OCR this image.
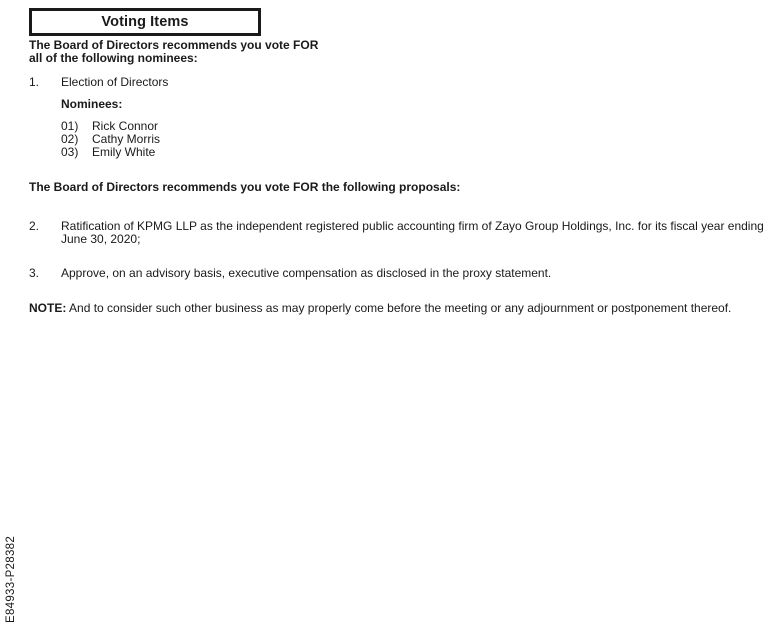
Voting Items
The Board of Directors recommends you vote FOR
all of the following nominees:
1. Election of Directors
Nominees:
01) Rick Connor
02) Cathy Morris
03) Emily White
The Board of Directors recommends you vote FOR the following proposals:
2. Ratification of KPMG LLP as the independent registered public accounting firm of Zayo Group Holdings, Inc. for its fiscal year ending June 30, 2020;
3. Approve, on an advisory basis, executive compensation as disclosed in the proxy statement.
NOTE: And to consider such other business as may properly come before the meeting or any adjournment or postponement thereof.
E84933-P28382
